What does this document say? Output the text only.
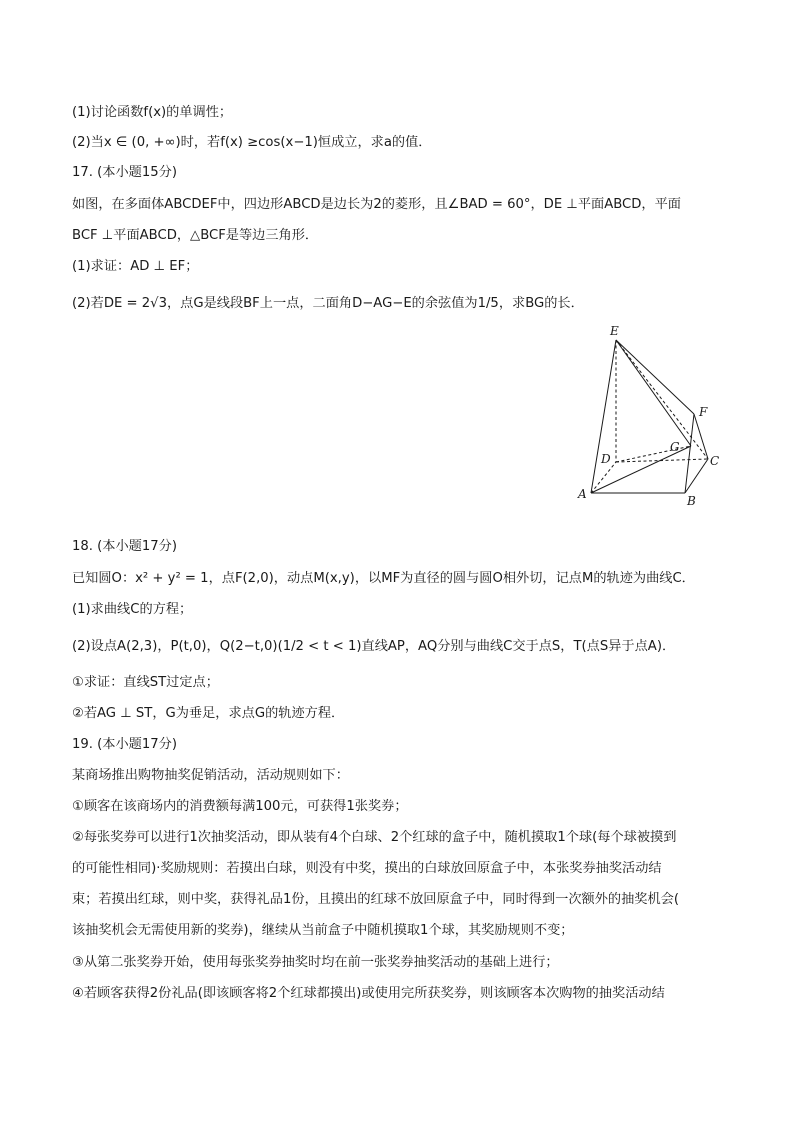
(1)讨论函数f(x)的单调性；
(2)当x ∈ (0, +∞)时，若f(x) ≥cos(x−1)恒成立，求a的值．
17. (本小题15分)
如图，在多面体ABCDEF中，四边形ABCD是边长为2的菱形，且∠BAD = 60°，DE ⊥平面ABCD，平面
BCF ⊥平面ABCD，△BCF是等边三角形．
(1)求证：AD ⊥ EF；
(2)若DE = 2√3，点G是线段BF上一点，二面角D−AG−E的余弦值为1/5，求BG的长．
E
F
G
D	C
A	B
18. (本小题17分)
已知圆O：x² + y² = 1，点F(2,0)，动点M(x,y)，以MF为直径的圆与圆O相外切，记点M的轨迹为曲线C．
(1)求曲线C的方程；
(2)设点A(2,3)，P(t,0)，Q(2−t,0)(1/2 < t < 1)直线AP，AQ分别与曲线C交于点S，T(点S异于点A)．
①求证：直线ST过定点；
②若AG ⊥ ST，G为垂足，求点G的轨迹方程．
19. (本小题17分)
某商场推出购物抽奖促销活动，活动规则如下：
①顾客在该商场内的消费额每满100元，可获得1张奖券；
②每张奖券可以进行1次抽奖活动，即从装有4个白球、2个红球的盒子中，随机摸取1个球(每个球被摸到
的可能性相同)·奖励规则：若摸出白球，则没有中奖，摸出的白球放回原盒子中，本张奖券抽奖活动结
束；若摸出红球，则中奖，获得礼品1份，且摸出的红球不放回原盒子中，同时得到一次额外的抽奖机会(
该抽奖机会无需使用新的奖券)，继续从当前盒子中随机摸取1个球，其奖励规则不变；
③从第二张奖券开始，使用每张奖券抽奖时均在前一张奖券抽奖活动的基础上进行；
④若顾客获得2份礼品(即该顾客将2个红球都摸出)或使用完所获奖券，则该顾客本次购物的抽奖活动结
